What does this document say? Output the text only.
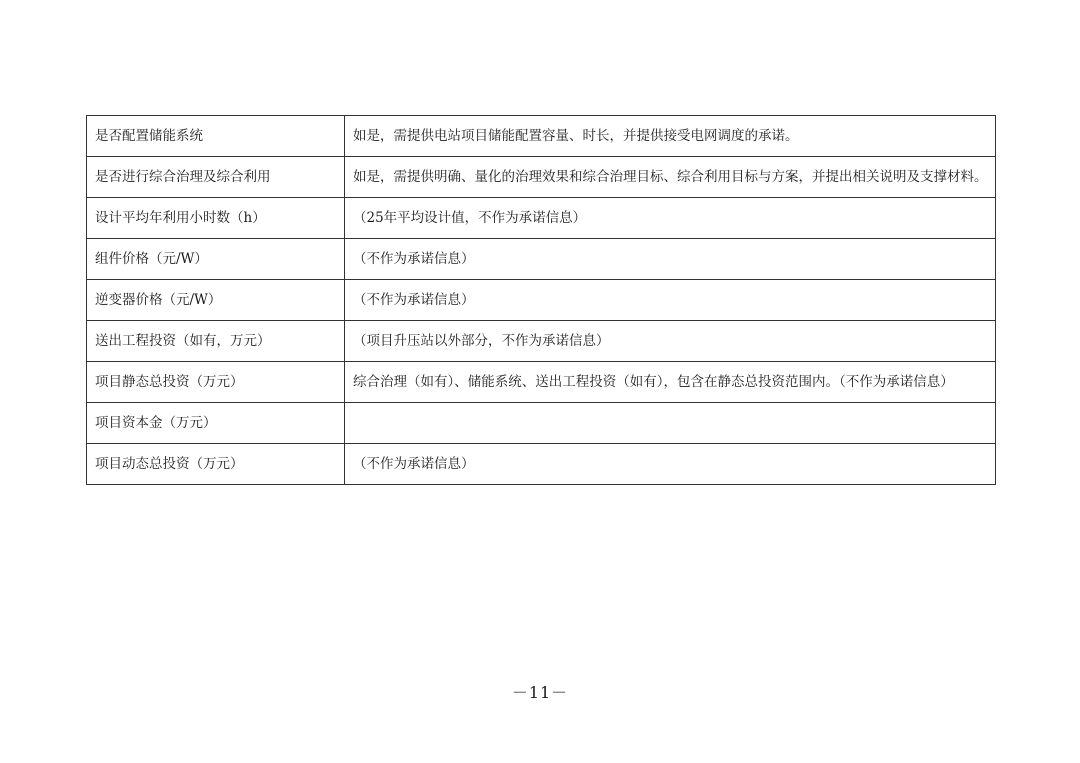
是否配置储能系统	如是，需提供电站项目储能配置容量、时长，并提供接受电网调度的承诺。
是否进行综合治理及综合利用	如是，需提供明确、量化的治理效果和综合治理目标、综合利用目标与方案，并提出相关说明及支撑材料。
设计平均年利用小时数（h）	（25年平均设计值，不作为承诺信息）
组件价格（元/W）	（不作为承诺信息）
逆变器价格（元/W）	（不作为承诺信息）
送出工程投资（如有，万元）	（项目升压站以外部分，不作为承诺信息）
项目静态总投资（万元）	综合治理（如有）、储能系统、送出工程投资（如有），包含在静态总投资范围内。（不作为承诺信息）
项目资本金（万元）	
项目动态总投资（万元）	（不作为承诺信息）
－11－
